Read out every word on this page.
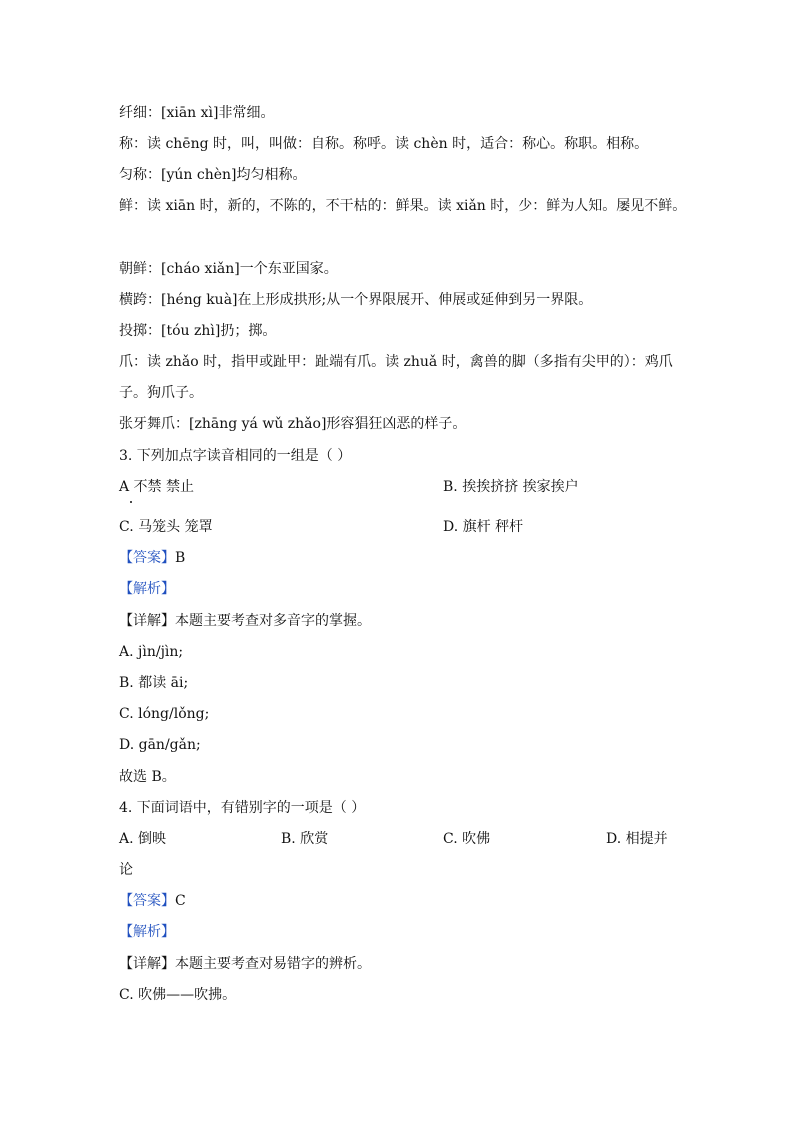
纤细：[xiān xì]非常细。
称：读 chēng 时，叫，叫做：自称。称呼。读 chèn 时，适合：称心。称职。相称。
匀称：[yún chèn]均匀相称。
鲜：读 xiān 时，新的，不陈的，不干枯的：鲜果。读 xiǎn 时，少：鲜为人知。屡见不鲜。
朝鲜：[cháo xiǎn]一个东亚国家。
横跨：[héng kuà]在上形成拱形;从一个界限展开、伸展或延伸到另一界限。
投掷：[tóu zhì]扔；掷。
爪：读 zhǎo 时，指甲或趾甲：趾端有爪。读 zhuǎ 时，禽兽的脚（多指有尖甲的）：鸡爪
子。狗爪子。
张牙舞爪：[zhāng yá wǔ zhǎo]形容猖狂凶恶的样子。
3. 下列加点字读音相同的一组是（ ）
A 不禁 禁止	B. 挨挨挤挤 挨家挨户
C. 马笼头 笼罩	D. 旗杆 秤杆
【答案】B
【解析】
【详解】本题主要考查对多音字的掌握。
A. jìn/jìn;
B. 都读 āi;
C. lóng/lǒng;
D. gān/gǎn;
故选 B。
4. 下面词语中，有错别字的一项是（ ）
A. 倒映	B. 欣赏	C. 吹佛	D. 相提并
论
【答案】C
【解析】
【详解】本题主要考查对易错字的辨析。
C. 吹佛——吹拂。
